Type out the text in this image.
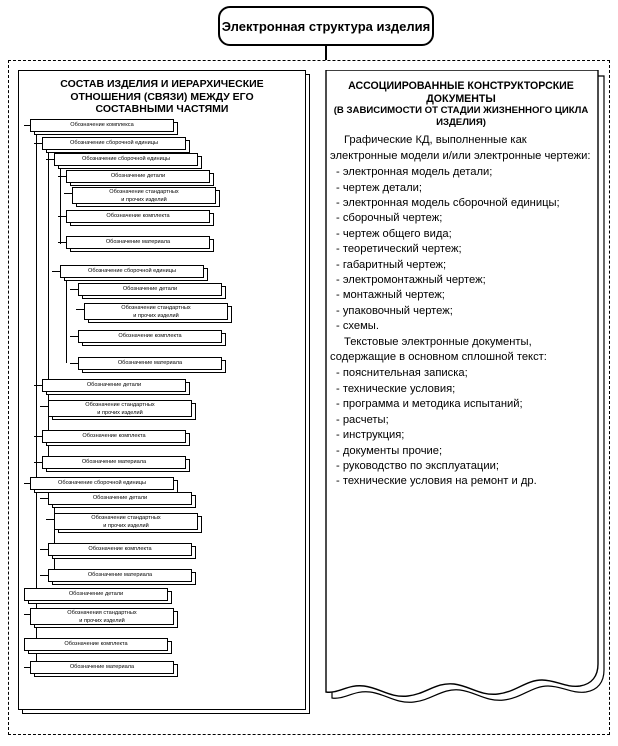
Электронная структура изделия
СОСТАВ ИЗДЕЛИЯ И ИЕРАРХИЧЕСКИЕ
ОТНОШЕНИЯ (СВЯЗИ) МЕЖДУ ЕГО
СОСТАВНЫМИ ЧАСТЯМИ
Обозначение комплекса
Обозначение сборочной единицы
Обозначение сборочной единицы
Обозначение детали
Обозначение стандартных

и прочих изделий
Обозначение комплекта
Обозначение материала
Обозначение сборочной единицы
Обозначение детали
Обозначение стандартных

и прочих изделий
Обозначение комплекта
Обозначение материала
Обозначение детали
Обозначение стандартных

и прочих изделий
Обозначение комплекта
Обозначение материала
Обозначение сборочной единицы
Обозначение детали
Обозначение стандартных

и прочих изделий
Обозначение комплекта
Обозначение материала
Обозначение детали
Обозначения стандартных

и прочих изделий
Обозначение комплекта
Обозначение материала
АССОЦИИРОВАННЫЕ КОНСТРУКТОРСКИЕ ДОКУМЕНТЫ
(В ЗАВИСИМОСТИ ОТ СТАДИИ ЖИЗНЕННОГО ЦИКЛА ИЗДЕЛИЯ)

Графические КД, выполненные как электронные модели и/или электронные чертежи:

- электронная модель детали;
- чертеж детали;
- электронная модель сборочной единицы;
- сборочный чертеж;
- чертеж общего вида;
- теоретический чертеж;
- габаритный чертеж;
- электромонтажный чертеж;
- монтажный чертеж;
- упаковочный чертеж;
- схемы.

Текстовые электронные документы, содержащие в основном сплошной текст:

- пояснительная записка;
- технические условия;
- программа и методика испытаний;
- расчеты;
- инструкция;
- документы прочие;
- руководство по эксплуатации;
- технические условия на ремонт и др.
